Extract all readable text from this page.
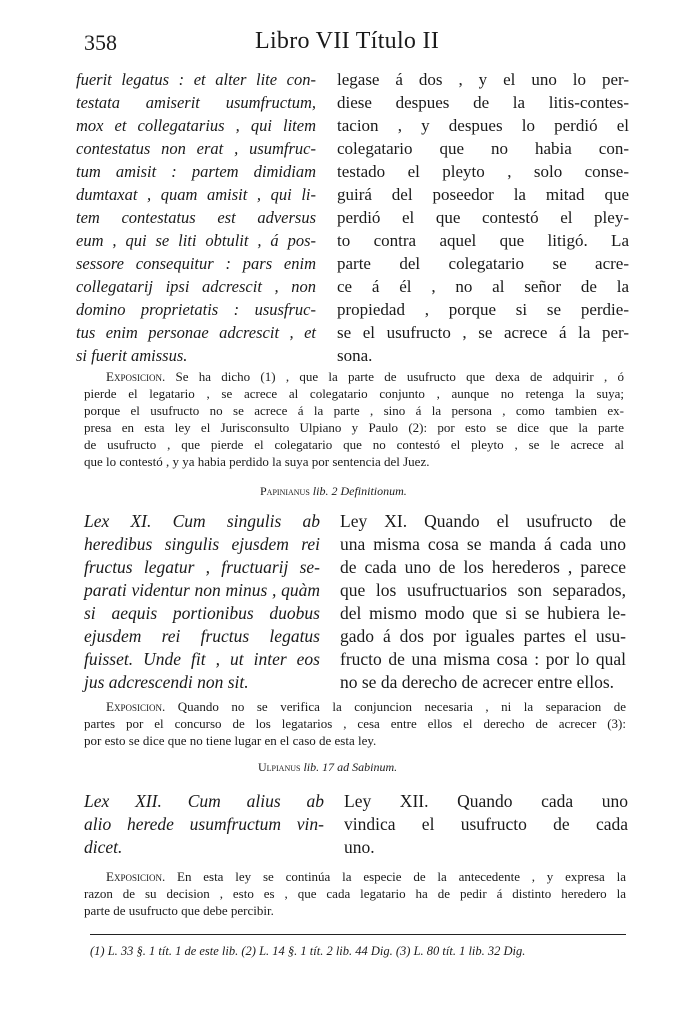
358	Libro VII Título II
fuerit legatus : et alter lite con-
testata amiserit usumfructum,
mox et collegatarius , qui litem
contestatus non erat , usumfruc-
tum amisit : partem dimidiam
dumtaxat , quam amisit , qui li-
tem contestatus est adversus
eum , qui se liti obtulit , á pos-
sessore consequitur : pars enim
collegatarij ipsi adcrescit , non
domino proprietatis : ususfruc-
tus enim personae adcrescit , et
si fuerit amissus.
legase á dos , y el uno lo per-
diese despues de la litis-contes-
tacion , y despues lo perdió el
colegatario que no habia con-
testado el pleyto , solo conse-
guirá del poseedor la mitad que
perdió el que contestó el pley-
to contra aquel que litigó. La
parte del colegatario se acre-
ce á él , no al señor de la
propiedad , porque si se perdie-
se el usufructo , se acrece á la per-
sona.
Exposicion. Se ha dicho (1) , que la parte de usufructo que dexa de adquirir , ó
pierde el legatario , se acrece al colegatario conjunto , aunque no retenga la suya;
porque el usufructo no se acrece á la parte , sino á la persona , como tambien ex-
presa en esta ley el Jurisconsulto Ulpiano y Paulo (2): por esto se dice que la parte
de usufructo , que pierde el colegatario que no contestó el pleyto , se le acrece al
que lo contestó , y ya habia perdido la suya por sentencia del Juez.
Papinianus lib. 2 Definitionum.
Lex XI. Cum singulis ab
heredibus singulis ejusdem rei
fructus legatur , fructuarij se-
parati videntur non minus , quàm
si aequis portionibus duobus
ejusdem rei fructus legatus
fuisset. Unde fit , ut inter eos
jus adcrescendi non sit.
Ley XI. Quando el usufructo de
una misma cosa se manda á cada uno
de cada uno de los herederos , parece
que los usufructuarios son separados,
del mismo modo que si se hubiera le-
gado á dos por iguales partes el usu-
fructo de una misma cosa : por lo qual
no se da derecho de acrecer entre ellos.
Exposicion. Quando no se verifica la conjuncion necesaria , ni la separacion de
partes por el concurso de los legatarios , cesa entre ellos el derecho de acrecer (3):
por esto se dice que no tiene lugar en el caso de esta ley.
Ulpianus lib. 17 ad Sabinum.
Lex XII. Cum alius ab
alio herede usumfructum vin-
dicet.
Ley XII. Quando cada uno
vindica el usufructo de cada
uno.
Exposicion. En esta ley se continúa la especie de la antecedente , y expresa la
razon de su decision , esto es , que cada legatario ha de pedir á distinto heredero la
parte de usufructo que debe percibir.
(1) L. 33 §. 1 tít. 1 de este lib. (2) L. 14 §. 1 tít. 2 lib. 44 Dig. (3) L. 80 tít. 1 lib. 32 Dig.
